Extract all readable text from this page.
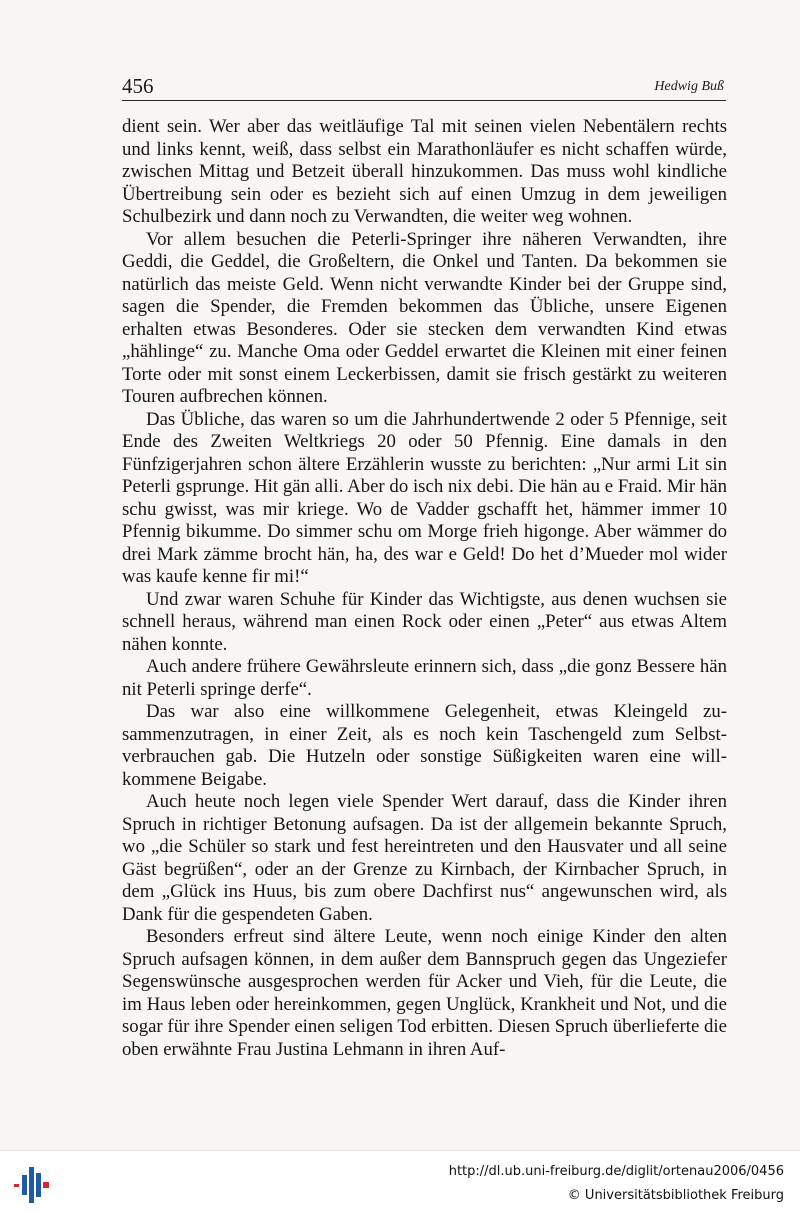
456	Hedwig Buß

dient sein. Wer aber das weitläufige Tal mit seinen vielen Nebentälern rechts und links kennt, weiß, dass selbst ein Marathonläufer es nicht schaffen würde, zwischen Mittag und Betzeit überall hinzukommen. Das muss wohl kindliche Übertreibung sein oder es bezieht sich auf einen Umzug in dem jeweiligen Schulbezirk und dann noch zu Verwandten, die weiter weg wohnen.

Vor allem besuchen die Peterli-Springer ihre näheren Verwandten, ihre Geddi, die Geddel, die Großeltern, die Onkel und Tanten. Da bekommen sie natürlich das meiste Geld. Wenn nicht verwandte Kinder bei der Gruppe sind, sagen die Spender, die Fremden bekommen das Übliche, unsere Eigenen erhalten etwas Besonderes. Oder sie stecken dem verwandten Kind etwas „hählinge“ zu. Manche Oma oder Geddel erwartet die Kleinen mit einer feinen Torte oder mit sonst einem Leckerbissen, damit sie frisch gestärkt zu weiteren Touren aufbrechen können.

Das Übliche, das waren so um die Jahrhundertwende 2 oder 5 Pfennige, seit Ende des Zweiten Weltkriegs 20 oder 50 Pfennig. Eine damals in den Fünfzigerjahren schon ältere Erzählerin wusste zu berichten: „Nur armi Lit sin Peterli gsprunge. Hit gän alli. Aber do isch nix debi. Die hän au e Fraid. Mir hän schu gwisst, was mir kriege. Wo de Vadder gschafft het, hämmer immer 10 Pfennig bikumme. Do simmer schu om Morge frieh higonge. Aber wämmer do drei Mark zämme brocht hän, ha, des war e Geld! Do het d’Mueder mol wider was kaufe kenne fir mi!“

Und zwar waren Schuhe für Kinder das Wichtigste, aus denen wuchsen sie schnell heraus, während man einen Rock oder einen „Peter“ aus etwas Altem nähen konnte.

Auch andere frühere Gewährsleute erinnern sich, dass „die gonz Bessere hän nit Peterli springe derfe“.

Das war also eine willkommene Gelegenheit, etwas Kleingeld zusammenzutragen, in einer Zeit, als es noch kein Taschengeld zum Selbstverbrauchen gab. Die Hutzeln oder sonstige Süßigkeiten waren eine willkommene Beigabe.

Auch heute noch legen viele Spender Wert darauf, dass die Kinder ihren Spruch in richtiger Betonung aufsagen. Da ist der allgemein bekannte Spruch, wo „die Schüler so stark und fest hereintreten und den Hausvater und all seine Gäst begrüßen“, oder an der Grenze zu Kirnbach, der Kirnbacher Spruch, in dem „Glück ins Huus, bis zum obere Dachfirst nus“ angewunschen wird, als Dank für die gespendeten Gaben.

Besonders erfreut sind ältere Leute, wenn noch einige Kinder den alten Spruch aufsagen können, in dem außer dem Bannspruch gegen das Ungeziefer Segenswünsche ausgesprochen werden für Acker und Vieh, für die Leute, die im Haus leben oder hereinkommen, gegen Unglück, Krankheit und Not, und die sogar für ihre Spender einen seligen Tod erbitten. Diesen Spruch überlieferte die oben erwähnte Frau Justina Lehmann in ihren Auf-

http://dl.ub.uni-freiburg.de/diglit/ortenau2006/0456
© Universitätsbibliothek Freiburg
